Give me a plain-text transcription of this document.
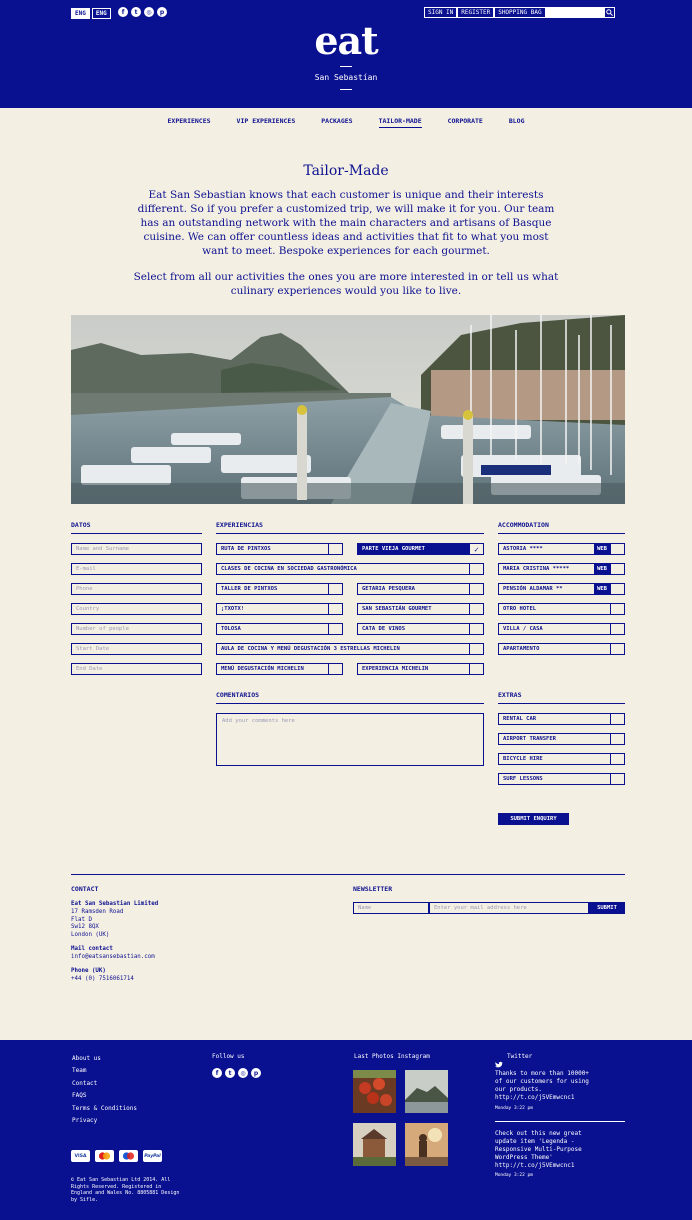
ENG	ENG	f	t	◎	p	SIGN IN	REGISTER	SHOPPING BAG
eat
San Sebastían
EXPERIENCES	VIP EXPERIENCES	PACKAGES	TAILOR-MADE	CORPORATE	BLOG
Tailor-Made
Eat San Sebastian knows that each customer is unique and their interests different. So if you prefer a customized trip, we will make it for you. Our team has an outstanding network with the main characters and artisans of Basque cuisine. We can offer countless ideas and activities that fit to what you most want to meet. Bespoke experiences for each gourmet.
Select from all our activities the ones you are more interested in or tell us what culinary experiences would you like to live.
DATOS
Name and Surname
E-mail
Phone
Country
Number of people
Start Date
End Date
EXPERIENCIAS
RUTA DE PINTXOS	PARTE VIEJA GOURMET	✓
CLASES DE COCINA EN SOCIEDAD GASTRONÓMICA
TALLER DE PINTXOS	GETARIA PESQUERA
¡TXOTX!	SAN SEBASTIÁN GOURMET
TOLOSA	CATA DE VINOS
AULA DE COCINA Y MENÚ DEGUSTACIÓN 3 ESTRELLAS MICHELIN
MENÚ DEGUSTACIÓN MICHELIN	EXPERIENCIA MICHELIN
ACCOMMODATION
ASTORIA ****	WEB
MARIA CRISTINA *****	WEB
PENSIÓN ALDAMAR **	WEB
OTRO HOTEL
VILLA / CASA
APARTAMENTO
COMENTARIOS
Add your comments here
EXTRAS
RENTAL CAR
AIRPORT TRANSFER
BICYCLE HIRE
SURF LESSONS
SUBMIT ENQUIRY
CONTACT
Eat San Sebastian Limited
17 Ramsden Road
Flat D
Sw12 8QX
London (UK)
Mail contact
info@eatsansebastian.com
Phone (UK)
+44 (0) 7516061714
NEWSLETTER
Name	Enter your mail address here	SUBMIT
About us
Team
Contact
FAQS
Terms & Conditions
Privacy
Follow us
f	t	◎	p
Last Photos Instagram	Twitter
Thanks to more than 10000+ of our customers for using our products. http://t.co/j5VEmwcnc1
Monday 3:22 pm
Check out this new great update item 'Legenda - Responsive Multi-Purpose WordPress Theme' http://t.co/j5VEmwcnc1
Monday 3:22 pm
VISA	PayPal
© Eat San Sebastian Ltd 2014. All Rights Reserved. Registered in England and Wales No. 8805881 Design by Sifle.
